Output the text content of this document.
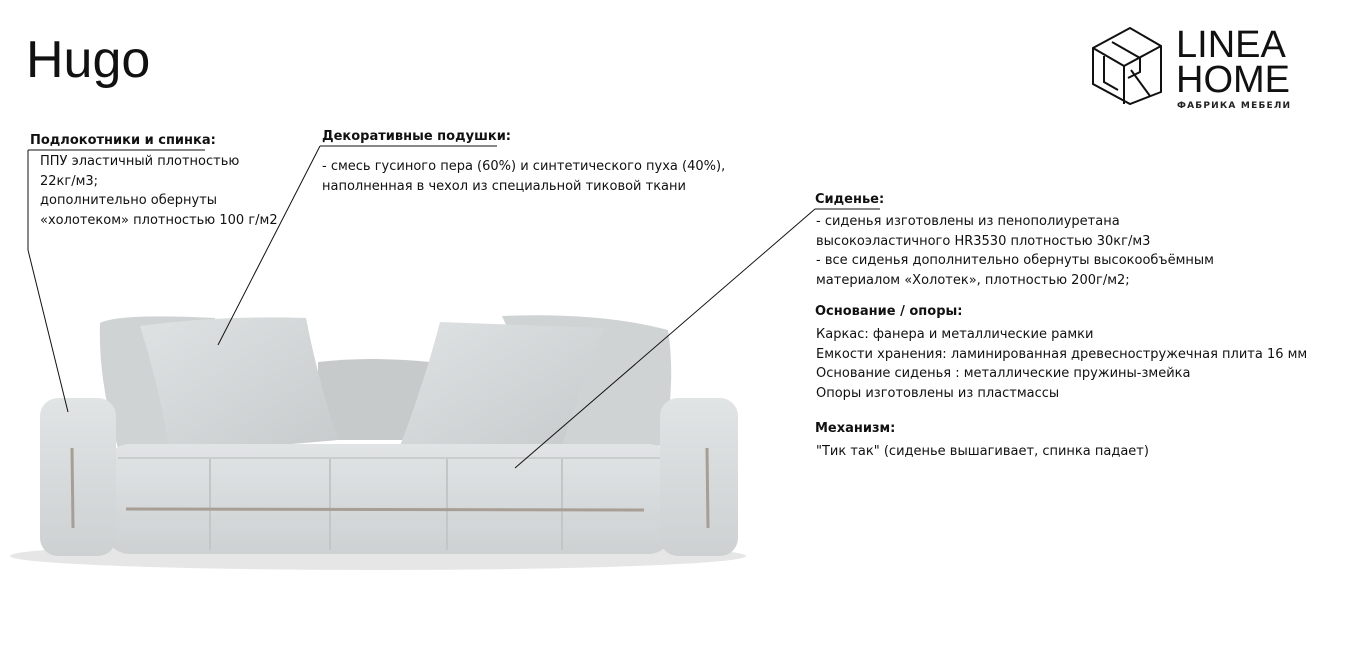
Hugo	LINEA
HOME
ФАБРИКА МЕБЕЛИ
Подлокотники и спинка:
ППУ эластичный плотностью
22кг/м3;
дополнительно обернуты
«холотеком» плотностью 100 г/м2
Декоративные подушки:
- смесь гусиного пера (60%) и синтетического пуха (40%),
наполненная в чехол из специальной тиковой ткани
Сиденье:
- сиденья изготовлены из пенополиуретана
высокоэластичного HR3530 плотностью 30кг/м3
- все сиденья дополнительно обернуты высокообъёмным
материалом «Холотек», плотностью 200г/м2;
Основание / опоры:
Каркас: фанера и металлические рамки
Емкости хранения: ламинированная древесностружечная плита 16 мм
Основание сиденья : металлические пружины-змейка
Опоры изготовлены из пластмассы
Механизм:
"Тик так" (сиденье вышагивает, спинка падает)
